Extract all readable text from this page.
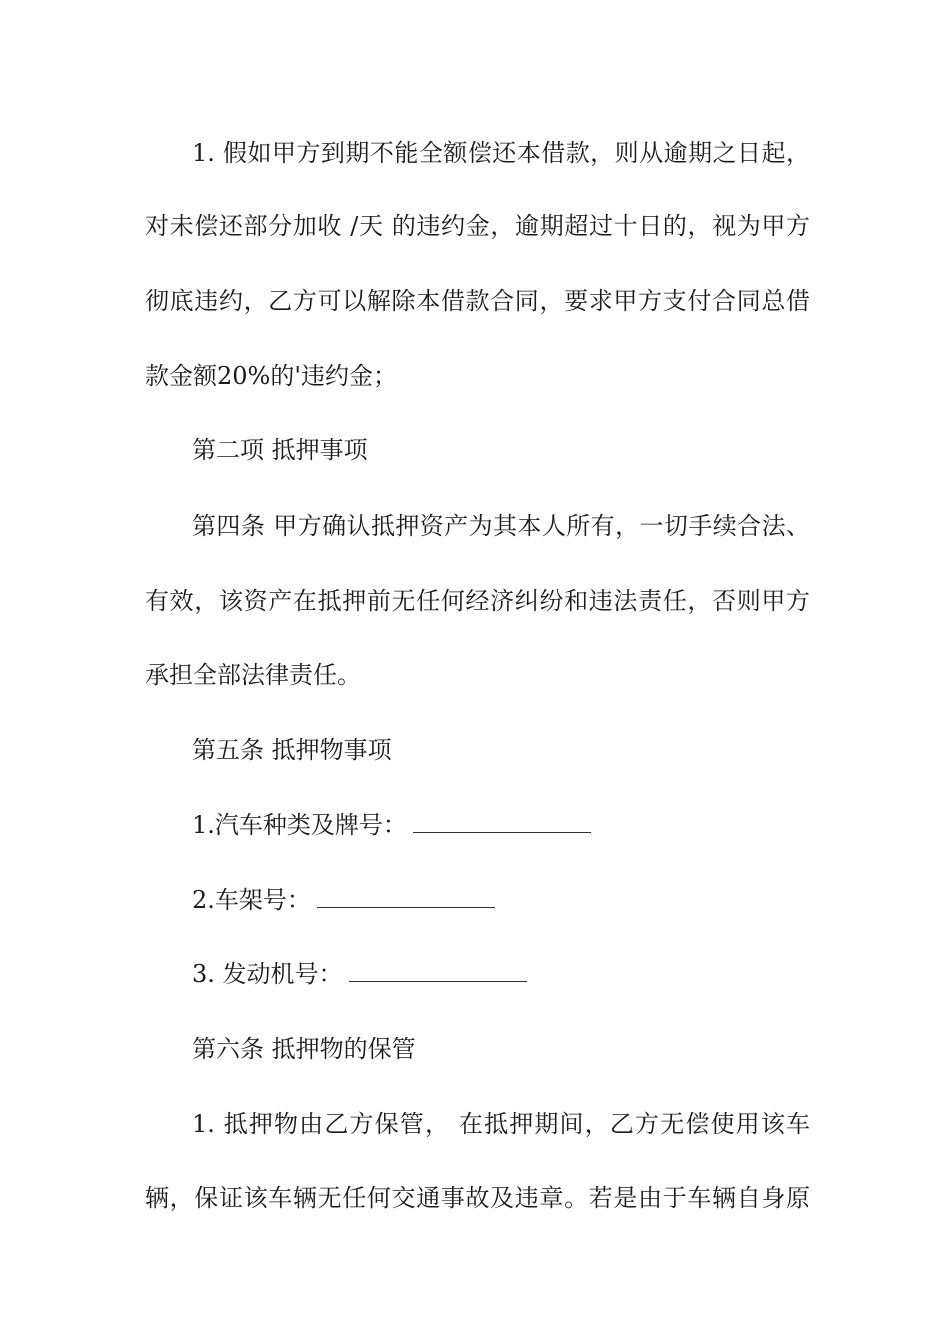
1. 假如甲方到期不能全额偿还本借款，则从逾期之日起，
对未偿还部分加收 /天 的违约金，逾期超过十日的，视为甲方
彻底违约，乙方可以解除本借款合同，要求甲方支付合同总借
款金额20%的'违约金；
第二项 抵押事项
第四条 甲方确认抵押资产为其本人所有，一切手续合法、
有效，该资产在抵押前无任何经济纠纷和违法责任，否则甲方
承担全部法律责任。
第五条 抵押物事项
1.汽车种类及牌号：
2.车架号：
3. 发动机号：
第六条 抵押物的保管
1. 抵押物由乙方保管， 在抵押期间，乙方无偿使用该车
辆，保证该车辆无任何交通事故及违章。若是由于车辆自身原
